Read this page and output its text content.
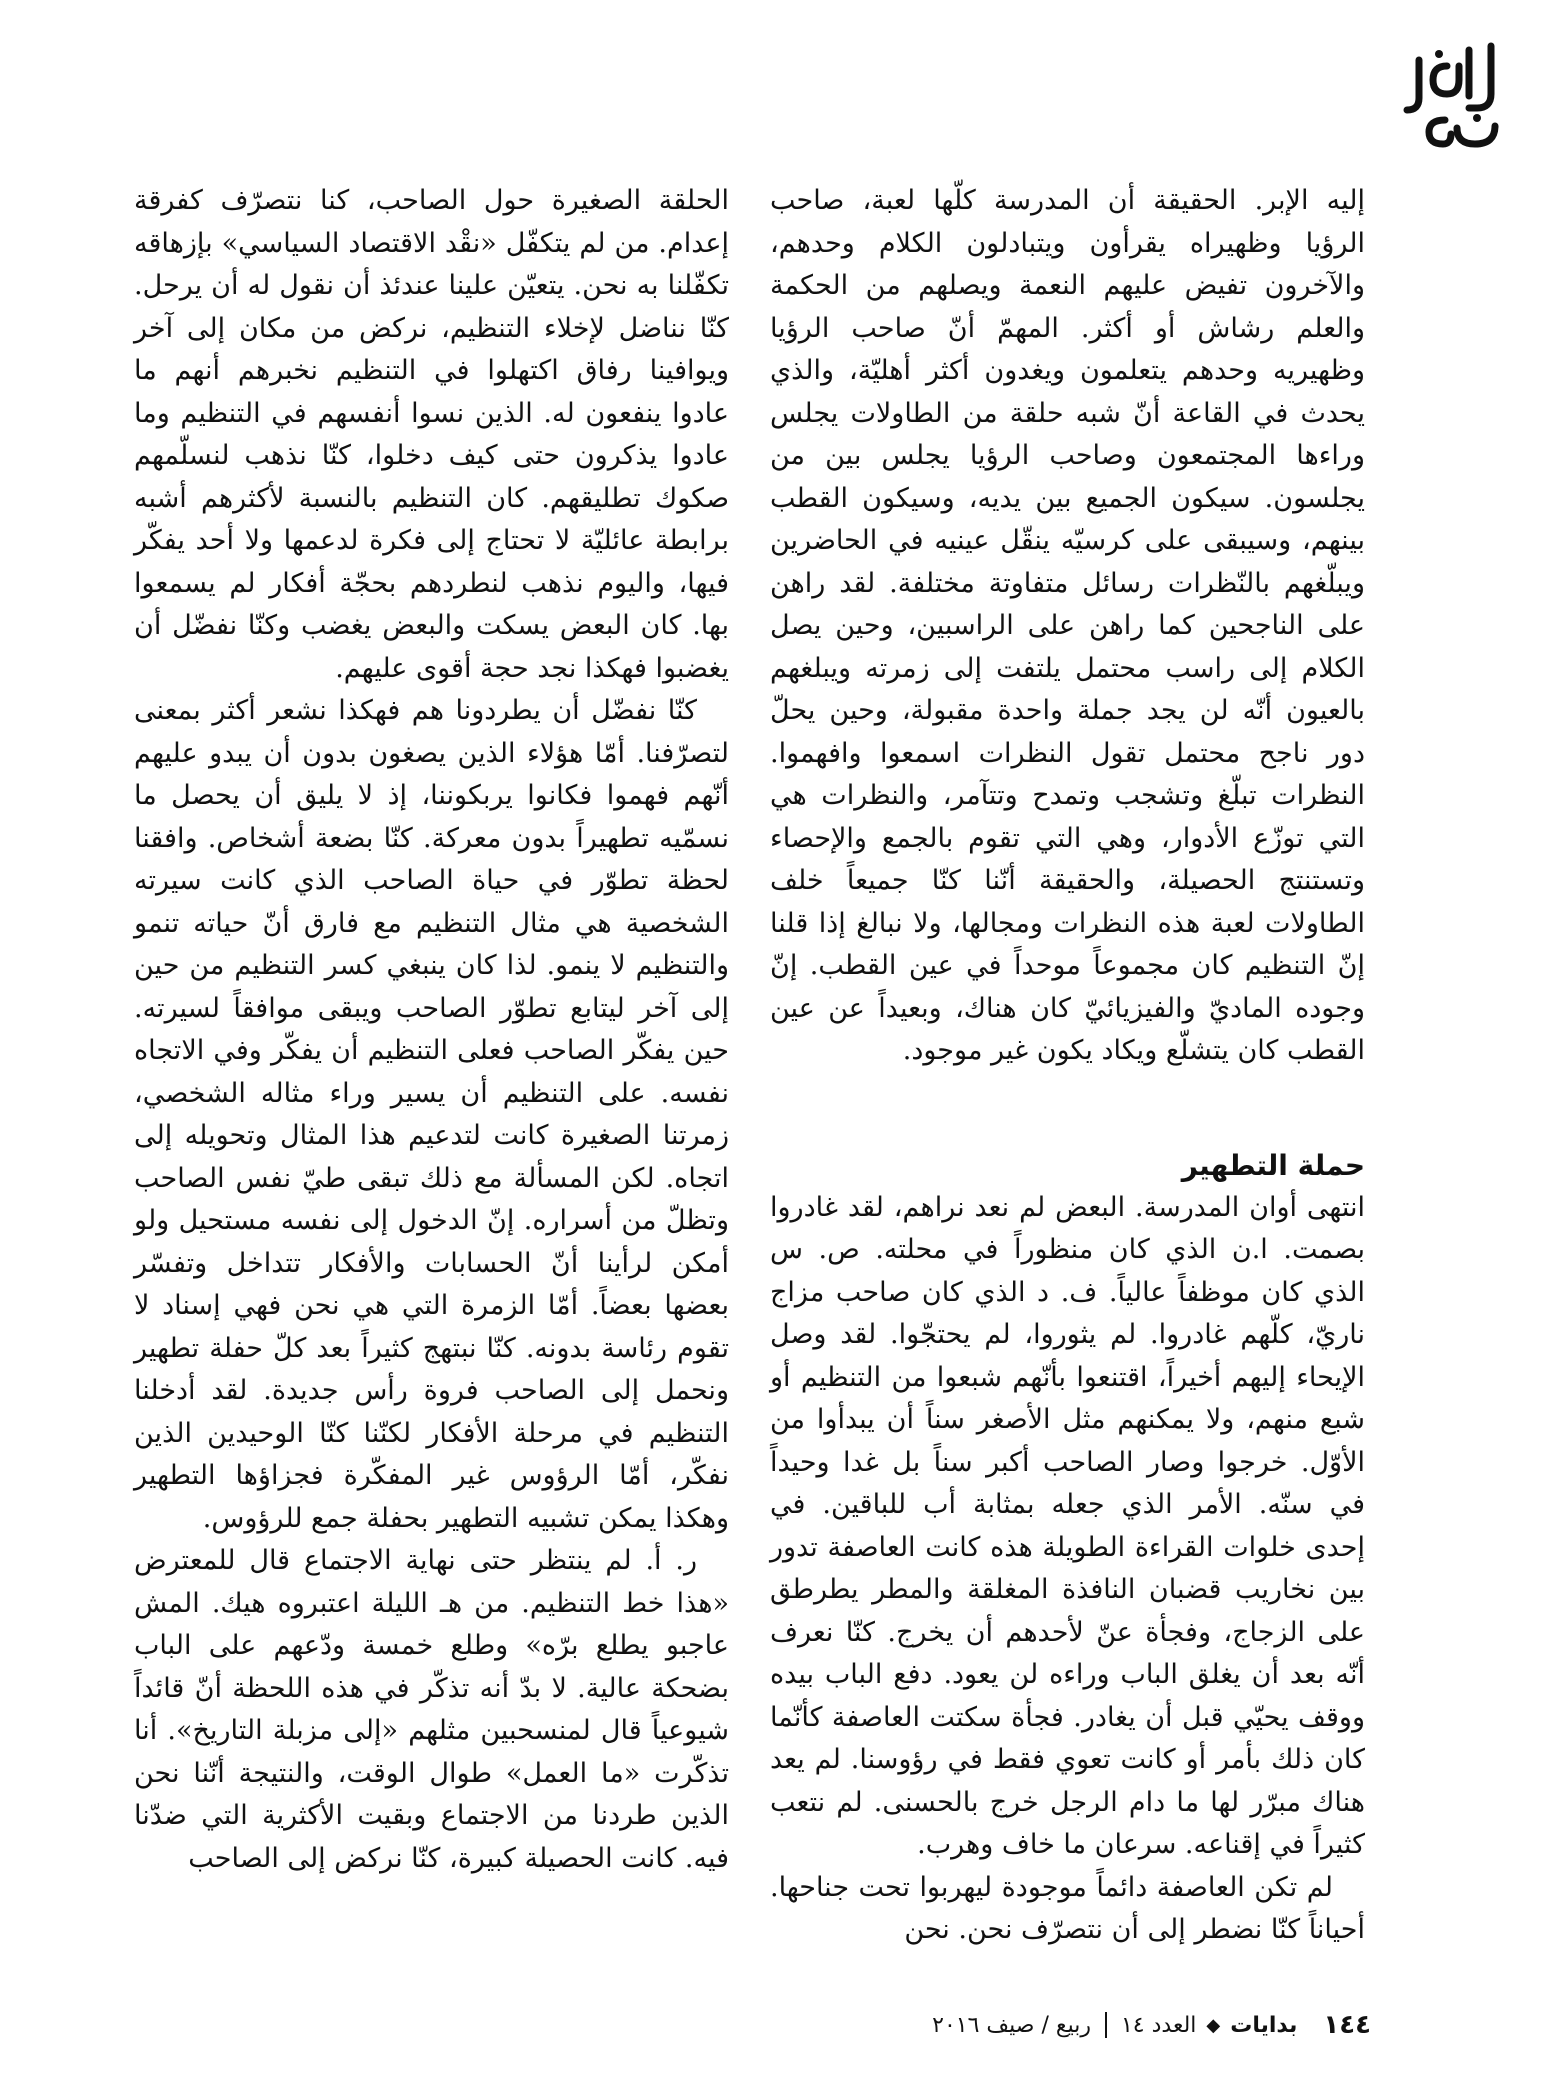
إليه الإبر. الحقيقة أن المدرسة كلّها لعبة، صاحب الرؤيا وظهيراه يقرأون ويتبادلون الكلام وحدهم، والآخرون تفيض عليهم النعمة ويصلهم من الحكمة والعلم رشاش أو أكثر. المهمّ أنّ صاحب الرؤيا وظهيريه وحدهم يتعلمون ويغدون أكثر أهليّة، والذي يحدث في القاعة أنّ شبه حلقة من الطاولات يجلس وراءها المجتمعون وصاحب الرؤيا يجلس بين من يجلسون. سيكون الجميع بين يديه، وسيكون القطب بينهم، وسيبقى على كرسيّه ينقّل عينيه في الحاضرين ويبلّغهم بالنّظرات رسائل متفاوتة مختلفة. لقد راهن على الناجحين كما راهن على الراسبين، وحين يصل الكلام إلى راسب محتمل يلتفت إلى زمرته ويبلغهم بالعيون أنّه لن يجد جملة واحدة مقبولة، وحين يحلّ دور ناجح محتمل تقول النظرات اسمعوا وافهموا. النظرات تبلّغ وتشجب وتمدح وتتآمر، والنظرات هي التي توزّع الأدوار، وهي التي تقوم بالجمع والإحصاء وتستنتج الحصيلة، والحقيقة أنّنا كنّا جميعاً خلف الطاولات لعبة هذه النظرات ومجالها، ولا نبالغ إذا قلنا إنّ التنظيم كان مجموعاً موحداً في عين القطب. إنّ وجوده الماديّ والفيزيائيّ كان هناك، وبعيداً عن عين القطب كان يتشلّع ويكاد يكون غير موجود.

حملة التطهير

انتهى أوان المدرسة. البعض لم نعد نراهم، لقد غادروا بصمت. ا.ن الذي كان منظوراً في محلته. ص. س الذي كان موظفاً عالياً. ف. د الذي كان صاحب مزاج ناريّ، كلّهم غادروا. لم يثوروا، لم يحتجّوا. لقد وصل الإيحاء إليهم أخيراً، اقتنعوا بأنّهم شبعوا من التنظيم أو شبع منهم، ولا يمكنهم مثل الأصغر سناً أن يبدأوا من الأوّل. خرجوا وصار الصاحب أكبر سناً بل غدا وحيداً في سنّه. الأمر الذي جعله بمثابة أب للباقين. في إحدى خلوات القراءة الطويلة هذه كانت العاصفة تدور بين نخاريب قضبان النافذة المغلقة والمطر يطرطق على الزجاج، وفجأة عنّ لأحدهم أن يخرج. كنّا نعرف أنّه بعد أن يغلق الباب وراءه لن يعود. دفع الباب بيده ووقف يحيّي قبل أن يغادر. فجأة سكتت العاصفة كأنّما كان ذلك بأمر أو كانت تعوي فقط في رؤوسنا. لم يعد هناك مبرّر لها ما دام الرجل خرج بالحسنى. لم نتعب كثيراً في إقناعه. سرعان ما خاف وهرب.

لم تكن العاصفة دائماً موجودة ليهربوا تحت جناحها. أحياناً كنّا نضطر إلى أن نتصرّف نحن. نحن

الحلقة الصغيرة حول الصاحب، كنا نتصرّف كفرقة إعدام. من لم يتكفّل «نقْد الاقتصاد السياسي» بإزهاقه تكفّلنا به نحن. يتعيّن علينا عندئذ أن نقول له أن يرحل. كنّا نناضل لإخلاء التنظيم، نركض من مكان إلى آخر ويوافينا رفاق اكتهلوا في التنظيم نخبرهم أنهم ما عادوا ينفعون له. الذين نسوا أنفسهم في التنظيم وما عادوا يذكرون حتى كيف دخلوا، كنّا نذهب لنسلّمهم صكوك تطليقهم. كان التنظيم بالنسبة لأكثرهم أشبه برابطة عائليّة لا تحتاج إلى فكرة لدعمها ولا أحد يفكّر فيها، واليوم نذهب لنطردهم بحجّة أفكار لم يسمعوا بها. كان البعض يسكت والبعض يغضب وكنّا نفضّل أن يغضبوا فهكذا نجد حجة أقوى عليهم.

كنّا نفضّل أن يطردونا هم فهكذا نشعر أكثر بمعنى لتصرّفنا. أمّا هؤلاء الذين يصغون بدون أن يبدو عليهم أنّهم فهموا فكانوا يربكوننا، إذ لا يليق أن يحصل ما نسمّيه تطهيراً بدون معركة. كنّا بضعة أشخاص. وافقنا لحظة تطوّر في حياة الصاحب الذي كانت سيرته الشخصية هي مثال التنظيم مع فارق أنّ حياته تنمو والتنظيم لا ينمو. لذا كان ينبغي كسر التنظيم من حين إلى آخر ليتابع تطوّر الصاحب ويبقى موافقاً لسيرته. حين يفكّر الصاحب فعلى التنظيم أن يفكّر وفي الاتجاه نفسه. على التنظيم أن يسير وراء مثاله الشخصي، زمرتنا الصغيرة كانت لتدعيم هذا المثال وتحويله إلى اتجاه. لكن المسألة مع ذلك تبقى طيّ نفس الصاحب وتظلّ من أسراره. إنّ الدخول إلى نفسه مستحيل ولو أمكن لرأينا أنّ الحسابات والأفكار تتداخل وتفسّر بعضها بعضاً. أمّا الزمرة التي هي نحن فهي إسناد لا تقوم رئاسة بدونه. كنّا نبتهج كثيراً بعد كلّ حفلة تطهير ونحمل إلى الصاحب فروة رأس جديدة. لقد أدخلنا التنظيم في مرحلة الأفكار لكنّنا كنّا الوحيدين الذين نفكّر، أمّا الرؤوس غير المفكّرة فجزاؤها التطهير وهكذا يمكن تشبيه التطهير بحفلة جمع للرؤوس.

ر. أ. لم ينتظر حتى نهاية الاجتماع قال للمعترض «هذا خط التنظيم. من هـ الليلة اعتبروه هيك. المش عاجبو يطلع برّه» وطلع خمسة ودّعهم على الباب بضحكة عالية. لا بدّ أنه تذكّر في هذه اللحظة أنّ قائداً شيوعياً قال لمنسحبين مثلهم «إلى مزبلة التاريخ». أنا تذكّرت «ما العمل» طوال الوقت، والنتيجة أنّنا نحن الذين طردنا من الاجتماع وبقيت الأكثرية التي ضدّنا فيه. كانت الحصيلة كبيرة، كنّا نركض إلى الصاحب

١٤٤
بدايات
◆
العدد ١٤
ربيع / صيف ٢٠١٦
